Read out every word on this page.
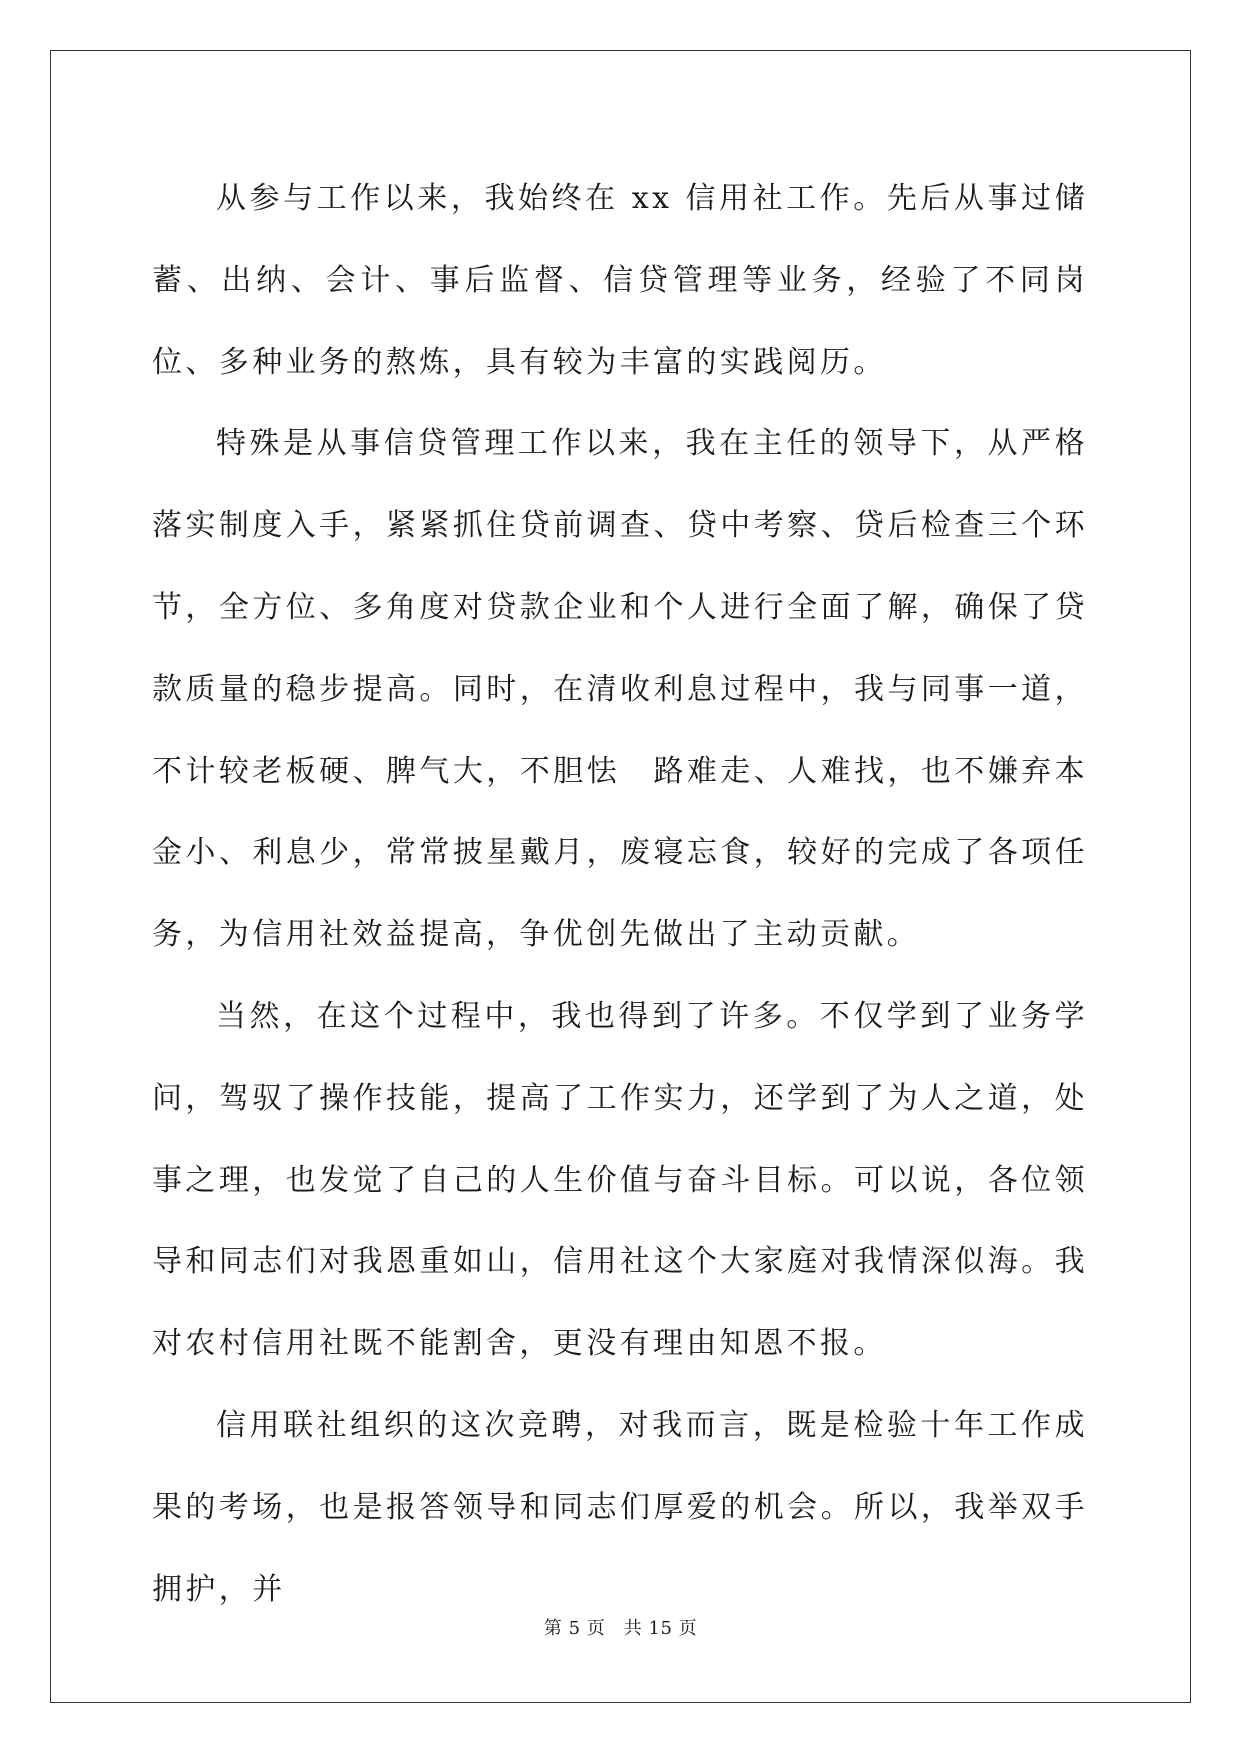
从参与工作以来，我始终在 xx 信用社工作。先后从事过储蓄、出纳、会计、事后监督、信贷管理等业务，经验了不同岗位、多种业务的熬炼，具有较为丰富的实践阅历。

特殊是从事信贷管理工作以来，我在主任的领导下，从严格落实制度入手，紧紧抓住贷前调查、贷中考察、贷后检查三个环节，全方位、多角度对贷款企业和个人进行全面了解，确保了贷款质量的稳步提高。同时，在清收利息过程中，我与同事一道，不计较老板硬、脾气大，不胆怯　路难走、人难找，也不嫌弃本金小、利息少，常常披星戴月，废寝忘食，较好的完成了各项任务，为信用社效益提高，争优创先做出了主动贡献。

当然，在这个过程中，我也得到了许多。不仅学到了业务学问，驾驭了操作技能，提高了工作实力，还学到了为人之道，处事之理，也发觉了自己的人生价值与奋斗目标。可以说，各位领导和同志们对我恩重如山，信用社这个大家庭对我情深似海。我对农村信用社既不能割舍，更没有理由知恩不报。

信用联社组织的这次竞聘，对我而言，既是检验十年工作成果的考场，也是报答领导和同志们厚爱的机会。所以，我举双手拥护，并

第 5 页　共 15 页
